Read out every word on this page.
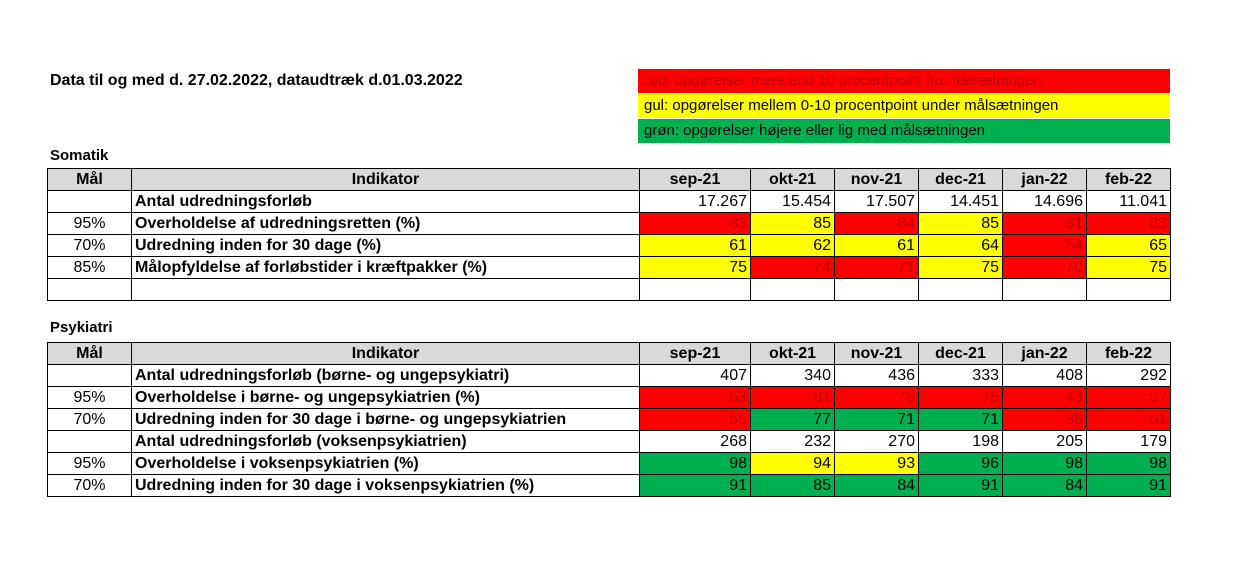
Data til og med d. 27.02.2022, dataudtræk d.01.03.2022	rød: opgørelser mere end 10 procentpoint fra målsætningen
gul: opgørelser mellem 0-10 procentpoint under målsætningen
grøn: opgørelser højere eller lig med målsætningen
Somatik
Mål	Indikator	sep-21	okt-21	nov-21	dec-21	jan-22	feb-22
	Antal udredningsforløb	17.267	15.454	17.507	14.451	14.696	11.041
95%	Overholdelse af udredningsretten (%)	83	85	84	85	81	83
70%	Udredning inden for 30 dage (%)	61	62	61	64	54	65
85%	Målopfyldelse af forløbstider i kræftpakker (%)	75	74	71	75	70	75

Psykiatri
Mål	Indikator	sep-21	okt-21	nov-21	dec-21	jan-22	feb-22
	Antal udredningsforløb (børne- og ungepsykiatri)	407	340	436	333	408	292
95%	Overholdelse i børne- og ungepsykiatrien (%)	63	81	76	75	43	57
70%	Udredning inden for 30 dage i børne- og ungepsykiatrien	55	77	71	71	36	51
	Antal udredningsforløb (voksenpsykiatrien)	268	232	270	198	205	179
95%	Overholdelse i voksenpsykiatrien (%)	98	94	93	96	98	98
70%	Udredning inden for 30 dage i voksenpsykiatrien (%)	91	85	84	91	84	91
